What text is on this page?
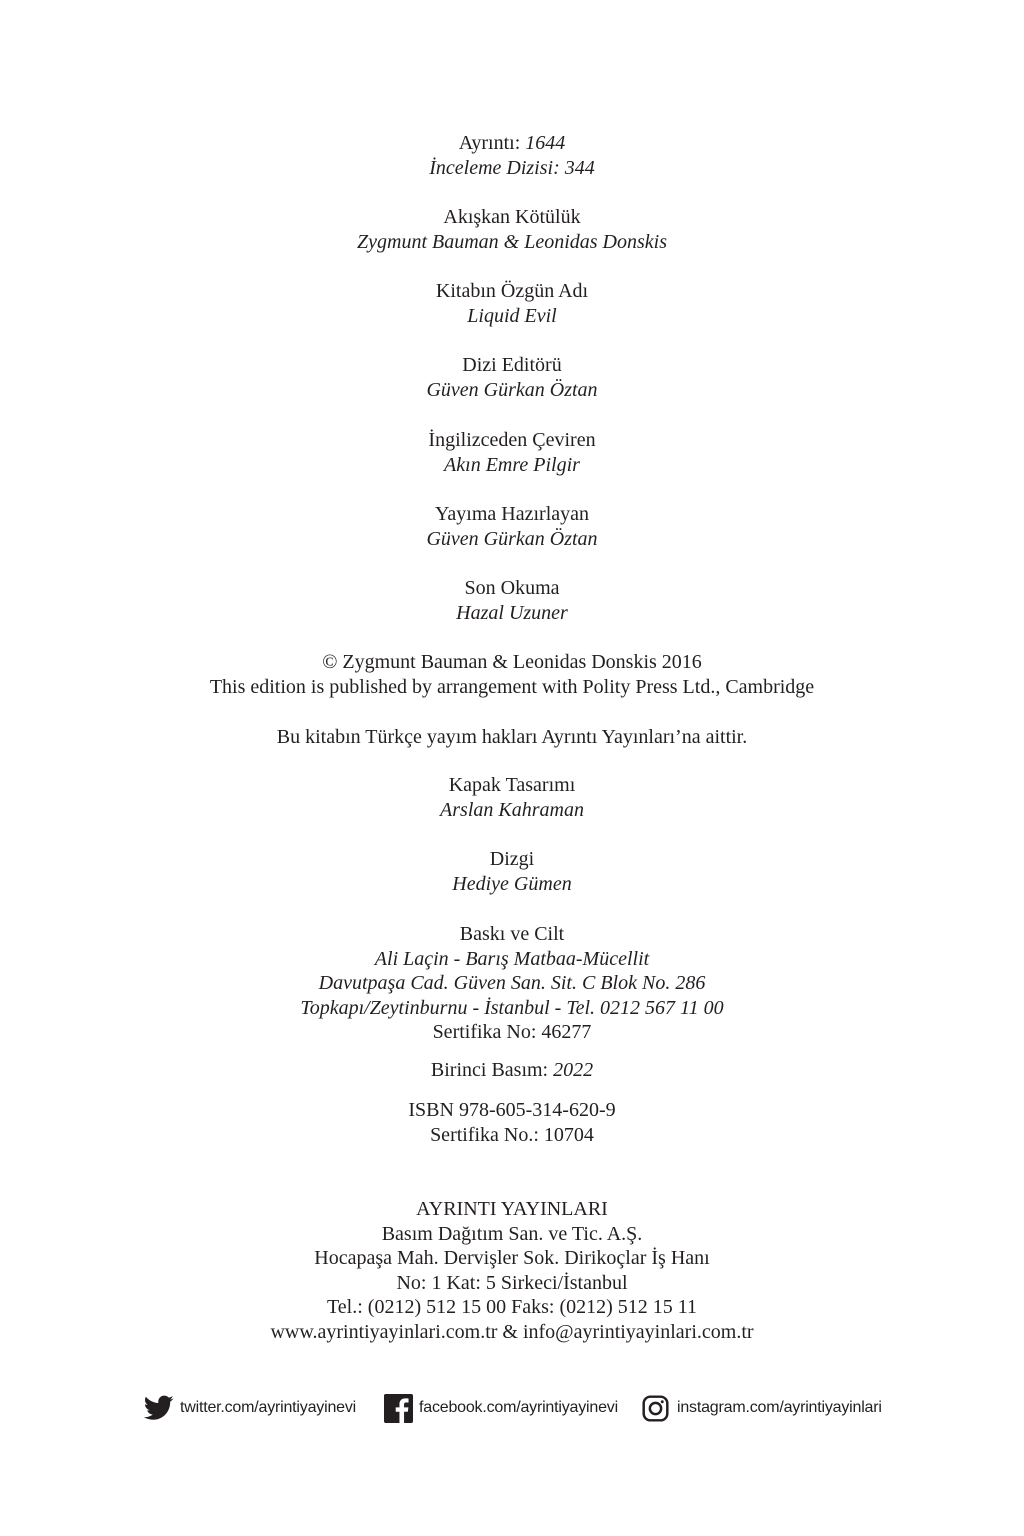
Ayrıntı: 1644
İnceleme Dizisi: 344
Akışkan Kötülük
Zygmunt Bauman & Leonidas Donskis
Kitabın Özgün Adı
Liquid Evil
Dizi Editörü
Güven Gürkan Öztan
İngilizceden Çeviren
Akın Emre Pilgir
Yayıma Hazırlayan
Güven Gürkan Öztan
Son Okuma
Hazal Uzuner
© Zygmunt Bauman & Leonidas Donskis 2016
This edition is published by arrangement with Polity Press Ltd., Cambridge
Bu kitabın Türkçe yayım hakları Ayrıntı Yayınları’na aittir.
Kapak Tasarımı
Arslan Kahraman
Dizgi
Hediye Gümen
Baskı ve Cilt
Ali Laçin - Barış Matbaa-Mücellit
Davutpaşa Cad. Güven San. Sit. C Blok No. 286
Topkapı/Zeytinburnu - İstanbul - Tel. 0212 567 11 00
Sertifika No: 46277
Birinci Basım: 2022
ISBN 978-605-314-620-9
Sertifika No.: 10704
AYRINTI YAYINLARI
Basım Dağıtım San. ve Tic. A.Ş.
Hocapaşa Mah. Dervişler Sok. Dirikoçlar İş Hanı
No: 1 Kat: 5 Sirkeci/İstanbul
Tel.: (0212) 512 15 00 Faks: (0212) 512 15 11
www.ayrintiyayinlari.com.tr & info@ayrintiyayinlari.com.tr
twitter.com/ayrintiyayinevi	facebook.com/ayrintiyayinevi	instagram.com/ayrintiyayinlari
